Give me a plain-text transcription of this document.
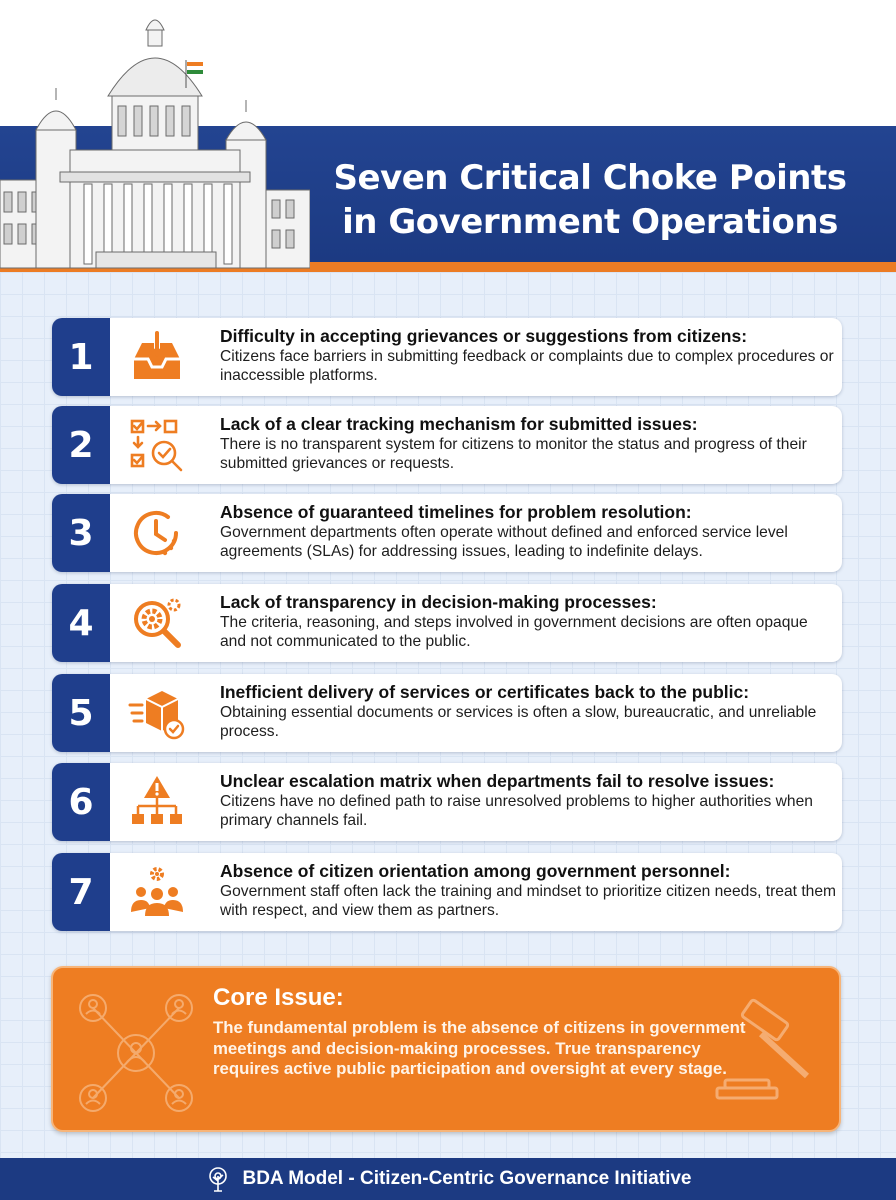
Seven Critical Choke Points
in Government Operations
1
Difficulty in accepting grievances or suggestions from citizens:
Citizens face barriers in submitting feedback or complaints due to complex procedures or inaccessible platforms.
2
Lack of a clear tracking mechanism for submitted issues:
There is no transparent system for citizens to monitor the status and progress of their submitted grievances or requests.
3
Absence of guaranteed timelines for problem resolution:
Government departments often operate without defined and enforced service level agreements (SLAs) for addressing issues, leading to indefinite delays.
4
Lack of transparency in decision-making processes:
The criteria, reasoning, and steps involved in government decisions are often opaque and not communicated to the public.
5
Inefficient delivery of services or certificates back to the public:
Obtaining essential documents or services is often a slow, bureaucratic, and unreliable process.
6
Unclear escalation matrix when departments fail to resolve issues:
Citizens have no defined path to raise unresolved problems to higher authorities when primary channels fail.
7
Absence of citizen orientation among government personnel:
Government staff often lack the training and mindset to prioritize citizen needs, treat them with respect, and view them as partners.
Core Issue:
The fundamental problem is the absence of citizens in government meetings and decision-making processes. True transparency requires active public participation and oversight at every stage.
BDA Model - Citizen-Centric Governance Initiative
